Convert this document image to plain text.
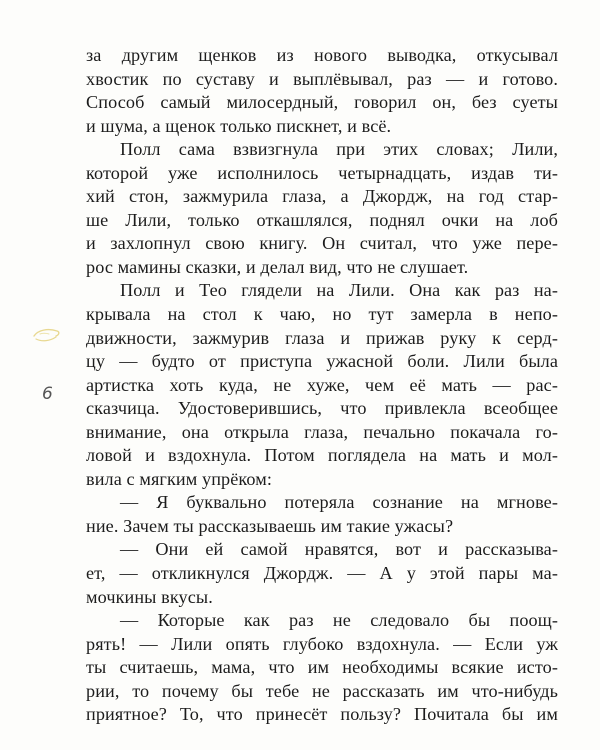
6
за другим щенков из нового выводка, откусывал
хвостик по суставу и выплёвывал, раз — и готово.
Способ самый милосердный, говорил он, без суеты
и шума, а щенок только пискнет, и всё.
Полл сама взвизгнула при этих словах; Лили,
которой уже исполнилось четырнадцать, издав ти-
хий стон, зажмурила глаза, а Джордж, на год стар-
ше Лили, только откашлялся, поднял очки на лоб
и захлопнул свою книгу. Он считал, что уже перe-
рос мамины сказки, и делал вид, что не слушает.
Полл и Тео глядели на Лили. Она как раз на-
крывала на стол к чаю, но тут замерла в непо-
движности, зажмурив глаза и прижав руку к серд-
цу — будто от приступа ужасной боли. Лили была
артистка хоть куда, не хуже, чем её мать — рас-
сказчица. Удостоверившись, что привлекла всеобщее
внимание, она открыла глаза, печально покачала го-
ловой и вздохнула. Потом поглядела на мать и мол-
вила с мягким упрёком:
— Я буквально потеряла сознание на мгнове-
ние. Зачем ты рассказываешь им такие ужасы?
— Они ей самой нравятся, вот и рассказыва-
ет, — откликнулся Джордж. — А у этой пары ма-
мочкины вкусы.
— Которые как раз не следовало бы поощ-
рять! — Лили опять глубоко вздохнула. — Если уж
ты считаешь, мама, что им необходимы всякие исто-
рии, то почему бы тебе не рассказать им что-нибудь
приятное? То, что принесёт пользу? Почитала бы им
